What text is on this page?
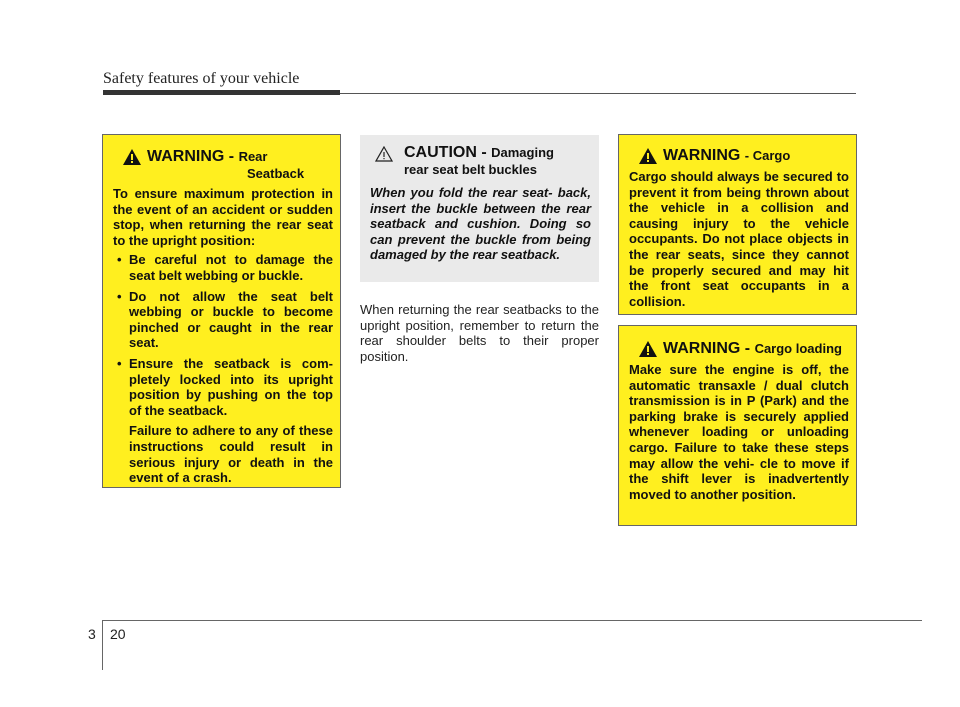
Safety features of your vehicle
WARNING - Rear
Seatback
To ensure maximum protection in the event of an accident or sudden stop, when returning the rear seat to the upright position:
• Be careful not to damage the seat belt webbing or buckle.
• Do not allow the seat belt webbing or buckle to become pinched or caught in the rear seat.
• Ensure the seatback is com- pletely locked into its upright position by pushing on the top of the seatback.
Failure to adhere to any of these instructions could result in serious injury or death in the event of a crash.
CAUTION - Damaging
rear seat belt buckles
When you fold the rear seat- back, insert the buckle between the rear seatback and cushion. Doing so can prevent the buckle from being damaged by the rear seatback.
When returning the rear seatbacks to the upright position, remember to return the rear shoulder belts to their proper position.
WARNING - Cargo
Cargo should always be secured to prevent it from being thrown about the vehicle in a collision and causing injury to the vehicle occupants. Do not place objects in the rear seats, since they cannot be properly secured and may hit the front seat occupants in a collision.
WARNING - Cargo loading
Make sure the engine is off, the automatic transaxle / dual clutch transmission is in P (Park) and the parking brake is securely applied whenever loading or unloading cargo. Failure to take these steps may allow the vehi- cle to move if the shift lever is inadvertently moved to another position.
3 20
